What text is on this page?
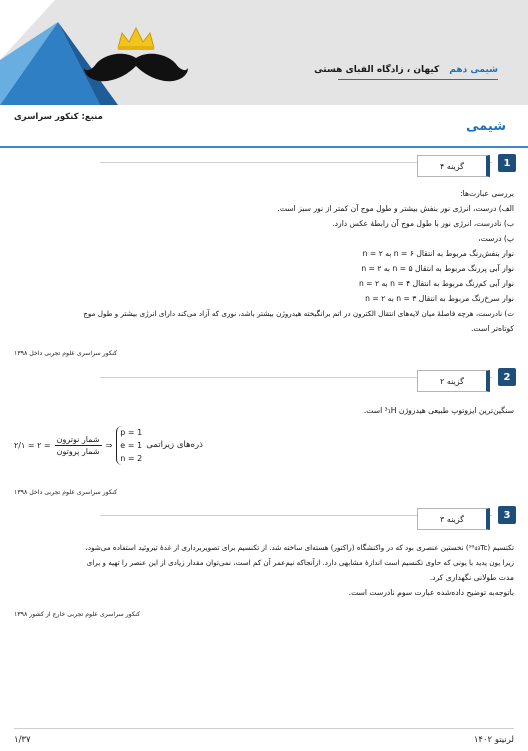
شیمی دهم
کیهان ، زادگاه الفبای هستی
منبع: کنکور سراسری
شیمی
1
گزینه ۴
بررسی عبارت‌ها:
الف) درست، انرژی نور بنفش بیشتر و طول موج آن کمتر از نور سبز است.
ب) نادرست، انرژی نور با طول موج آن رابطهٔ عکس دارد.
پ) درست،
نوار بنفش‌رنگ مربوط به انتقال ۶ = n به ۲ = n
نوار آبی پررنگ مربوط به انتقال ۵ = n به ۲ = n
نوار آبی کم‌رنگ مربوط به انتقال ۴ = n به ۲ = n
نوار سرخ‌رنگ مربوط به انتقال ۳ = n به ۲ = n
ت) نادرست، هرچه فاصلهٔ میان لایه‌های انتقال الکترون در اتم برانگیخته هیدروژن بیشتر باشد، نوری که آزاد می‌کند دارای انرژی بیشتر و طول موج
کوتاه‌تر است.
کنکور سراسری علوم تجربی داخل ۱۳۹۸
2
گزینه ۲
سنگین‌ترین ایزوتوپ طبیعی هیدروژن ³₁H است.
= ۲ = ۲/۱ $\frac{\text{شمار نوترون}}{\text{شمار پروتون}}$ ⇒
p = 1
e = 1
n = 2
ذره‌های زیراتمی
کنکور سراسری علوم تجربی داخل ۱۳۹۸
3
گزینه ۳
تکنسیم (⁹⁹₄₃Tc) نخستین عنصری بود که در واکنشگاه (راکتور) هسته‌ای ساخته شد. از تکنسیم برای تصویربرداری از غدهٔ تیروئید استفاده می‌شود،
زیرا یون یدید با یونی که حاوی تکنسیم است اندازهٔ مشابهی دارد. ازآنجاکه نیم‌عمر آن کم است، نمی‌توان مقدار زیادی از این عنصر را تهیه و برای
مدت طولانی نگهداری کرد.
باتوجه‌به توضیح داده‌شده عبارت سوم نادرست است.
کنکور سراسری علوم تجربی خارج از کشور ۱۳۹۸
لرنیتو ۱۴۰۲
۱/۳۷
